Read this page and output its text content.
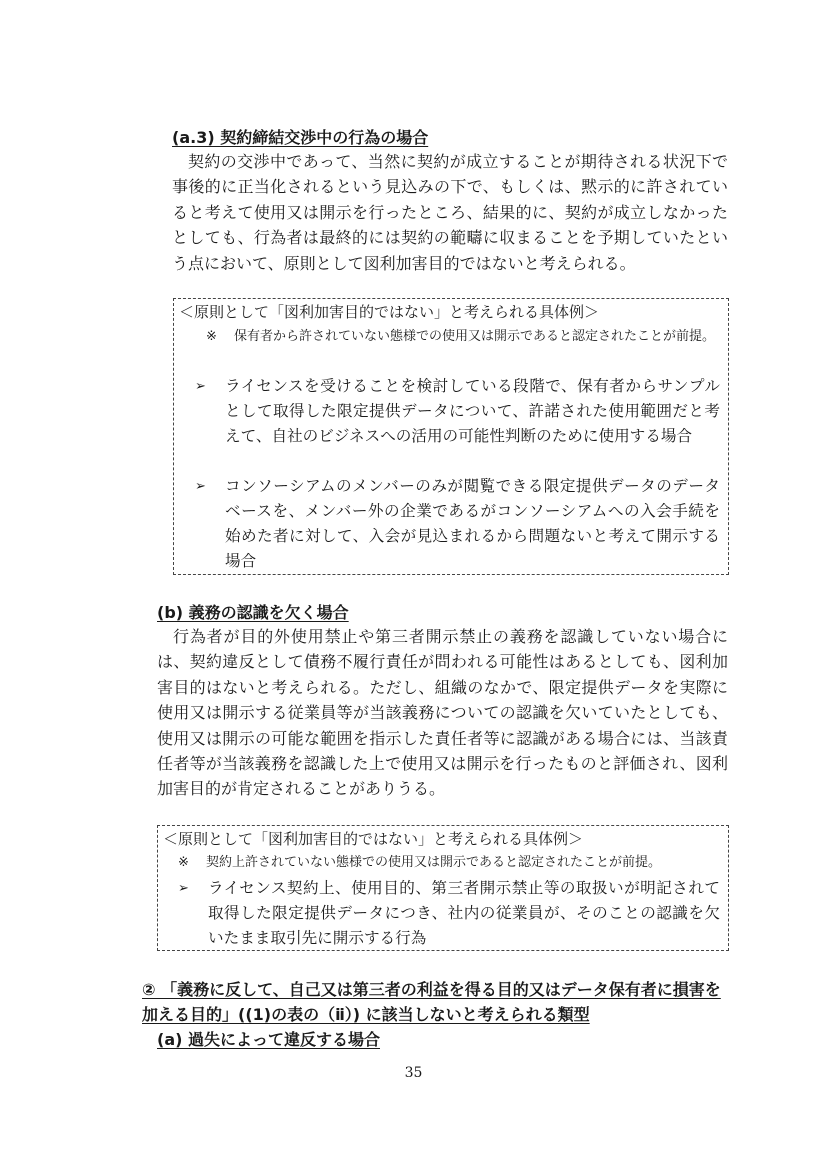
(a.3) 契約締結交渉中の行為の場合

契約の交渉中であって、当然に契約が成立することが期待される状況下で事後的に正当化されるという見込みの下で、もしくは、黙示的に許されていると考えて使用又は開示を行ったところ、結果的に、契約が成立しなかったとしても、行為者は最終的には契約の範疇に収まることを予期していたという点において、原則として図利加害目的ではないと考えられる。

＜原則として「図利加害目的ではない」と考えられる具体例＞

※ 保有者から許されていない態様での使用又は開示であると認定されたことが前提。

➢ ライセンスを受けることを検討している段階で、保有者からサンプルとして取得した限定提供データについて、許諾された使用範囲だと考えて、自社のビジネスへの活用の可能性判断のために使用する場合

➢ コンソーシアムのメンバーのみが閲覧できる限定提供データのデータベースを、メンバー外の企業であるがコンソーシアムへの入会手続を始めた者に対して、入会が見込まれるから問題ないと考えて開示する場合

(b) 義務の認識を欠く場合

行為者が目的外使用禁止や第三者開示禁止の義務を認識していない場合には、契約違反として債務不履行責任が問われる可能性はあるとしても、図利加害目的はないと考えられる。ただし、組織のなかで、限定提供データを実際に使用又は開示する従業員等が当該義務についての認識を欠いていたとしても、使用又は開示の可能な範囲を指示した責任者等に認識がある場合には、当該責任者等が当該義務を認識した上で使用又は開示を行ったものと評価され、図利加害目的が肯定されることがありうる。

＜原則として「図利加害目的ではない」と考えられる具体例＞

※ 契約上許されていない態様での使用又は開示であると認定されたことが前提。

➢ ライセンス契約上、使用目的、第三者開示禁止等の取扱いが明記されて取得した限定提供データにつき、社内の従業員が、そのことの認識を欠いたまま取引先に開示する行為

② 「義務に反して、自己又は第三者の利益を得る目的又はデータ保有者に損害を加える目的」((1)の表の（ⅱ）) に該当しないと考えられる類型

(a) 過失によって違反する場合

35
